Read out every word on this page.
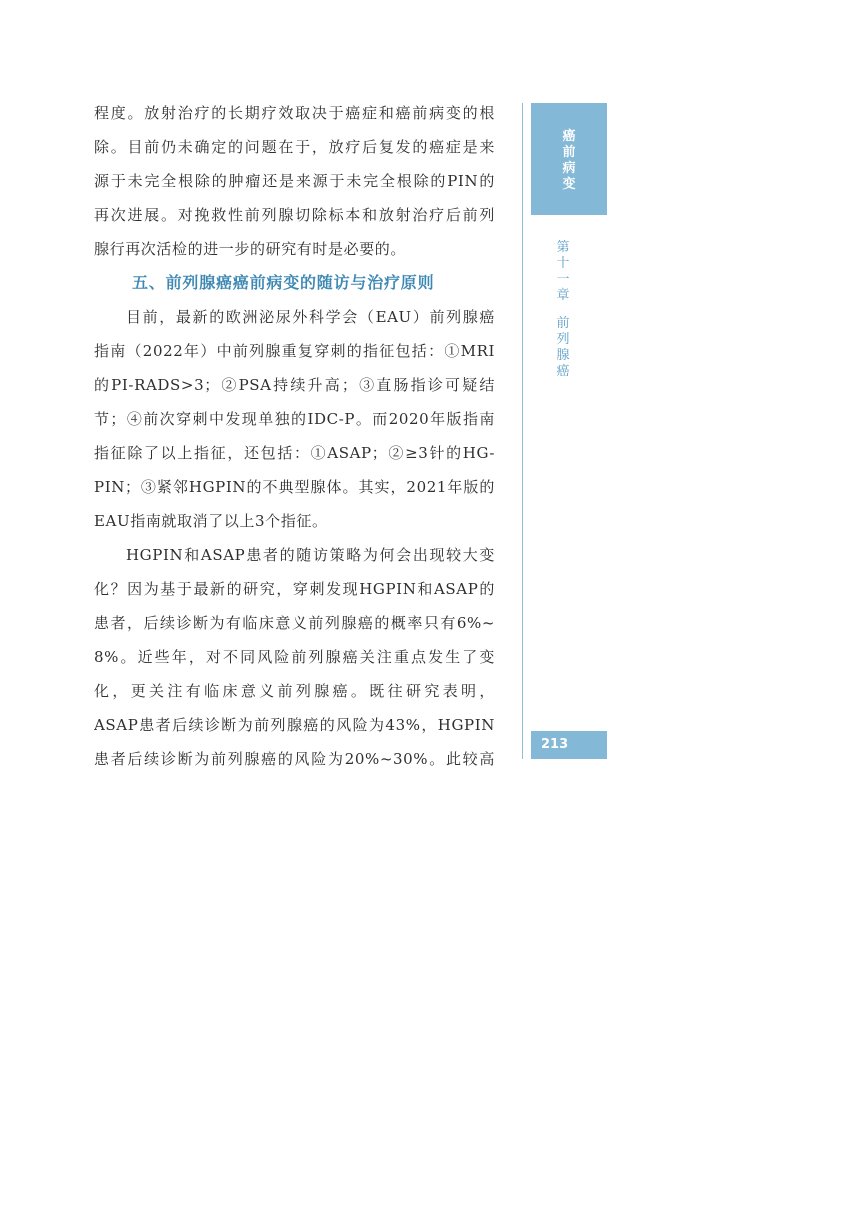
程度。放射治疗的长期疗效取决于癌症和癌前病变的根
除。目前仍未确定的问题在于，放疗后复发的癌症是来
源于未完全根除的肿瘤还是来源于未完全根除的PIN的
再次进展。对挽救性前列腺切除标本和放射治疗后前列
腺行再次活检的进一步的研究有时是必要的。
五、前列腺癌癌前病变的随访与治疗原则
目前，最新的欧洲泌尿外科学会（EAU）前列腺癌
指南（2022年）中前列腺重复穿刺的指征包括：①MRI
的PI-RADS>3；②PSA持续升高；③直肠指诊可疑结
节；④前次穿刺中发现单独的IDC-P。而2020年版指南
指征除了以上指征，还包括：①ASAP；②≥3针的HG-
PIN；③紧邻HGPIN的不典型腺体。其实，2021年版的
EAU指南就取消了以上3个指征。
HGPIN和ASAP患者的随访策略为何会出现较大变
化？因为基于最新的研究，穿刺发现HGPIN和ASAP的
患者，后续诊断为有临床意义前列腺癌的概率只有6%~
8%。近些年，对不同风险前列腺癌关注重点发生了变
化，更关注有临床意义前列腺癌。既往研究表明，
ASAP患者后续诊断为前列腺癌的风险为43%，HGPIN
患者后续诊断为前列腺癌的风险为20%~30%。此较高
癌
前
病
变
第
十
一
章
前
列
腺
癌
213
